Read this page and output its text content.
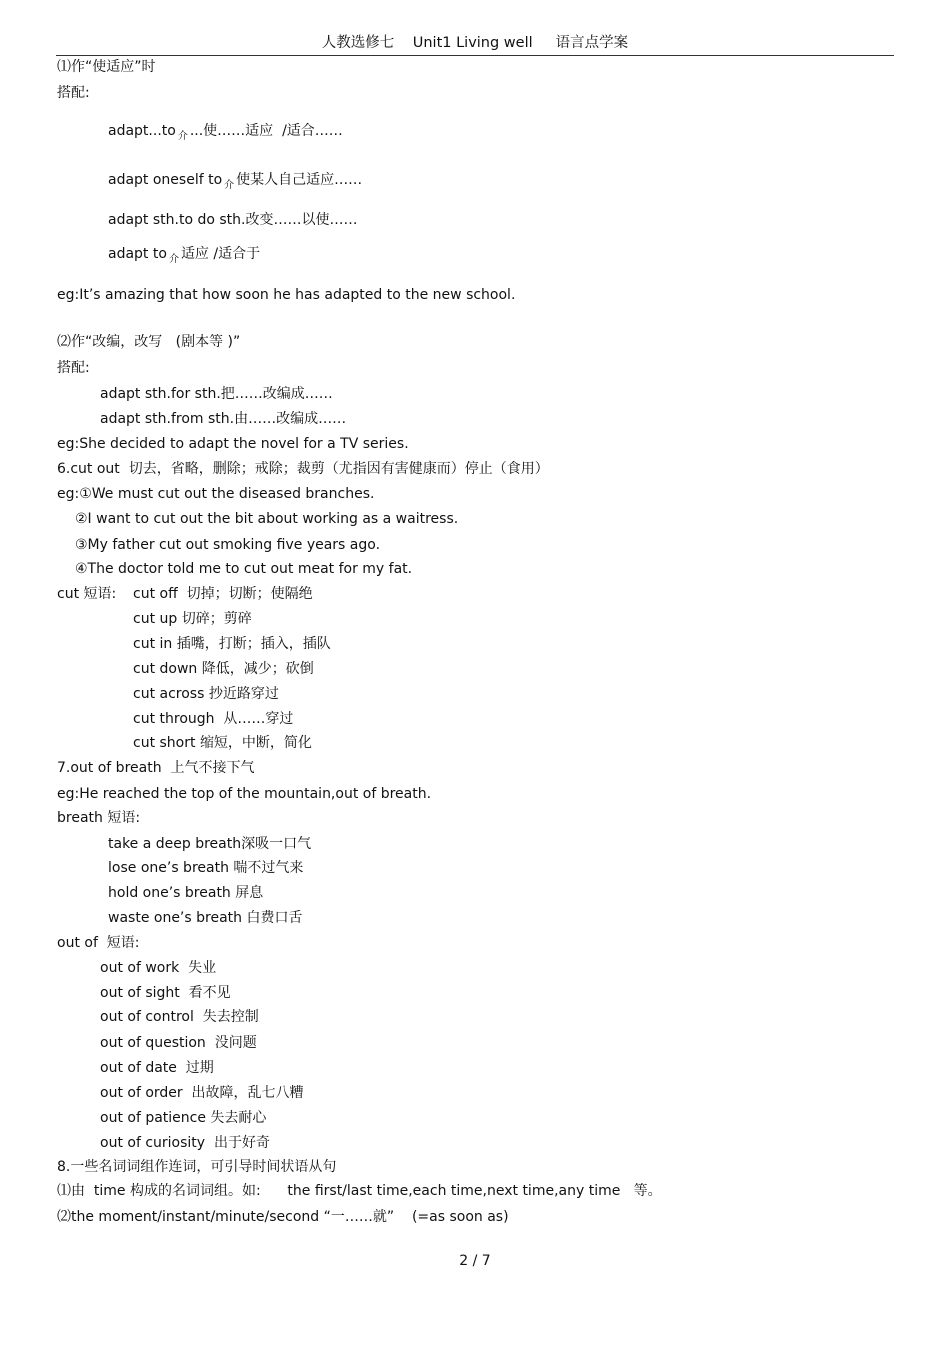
人教选修七    Unit1 Living well     语言点学案
⑴作“使适应”时
搭配:
adapt...to $_介$ ...使……适应  /适合……
adapt oneself to $_介$ 使某人自己适应……
adapt sth.to do sth.改变……以使……
adapt to $_介$ 适应 /适合于
eg:It’s amazing that how soon he has adapted to the new school.
⑵作“改编，改写   (剧本等 )”
搭配:
adapt sth.for sth.把……改编成……
adapt sth.from sth.由……改编成……
eg:She decided to adapt the novel for a TV series.
6.cut out  切去，省略，删除；戒除；裁剪（尤指因有害健康而）停止（食用）
eg:①We must cut out the diseased branches.
②I want to cut out the bit about working as a waitress.
③My father cut out smoking five years ago.
④The doctor told me to cut out meat for my fat.
cut 短语: cut off  切掉；切断；使隔绝
cut up 切碎；剪碎
cut in 插嘴，打断；插入，插队
cut down 降低，减少；砍倒
cut across 抄近路穿过
cut through  从……穿过
cut short 缩短，中断，简化
7.out of breath  上气不接下气
eg:He reached the top of the mountain,out of breath.
breath 短语:
take a deep breath深吸一口气
lose one’s breath 喘不过气来
hold one’s breath 屏息
waste one’s breath 白费口舌
out of  短语:
out of work  失业
out of sight  看不见
out of control  失去控制
out of question  没问题
out of date  过期
out of order  出故障，乱七八糟
out of patience 失去耐心
out of curiosity  出于好奇
8.一些名词词组作连词，可引导时间状语从句
⑴由  time 构成的名词词组。如:      the first/last time,each time,next time,any time   等。
⑵the moment/instant/minute/second “一……就”    (=as soon as)
2 / 7
